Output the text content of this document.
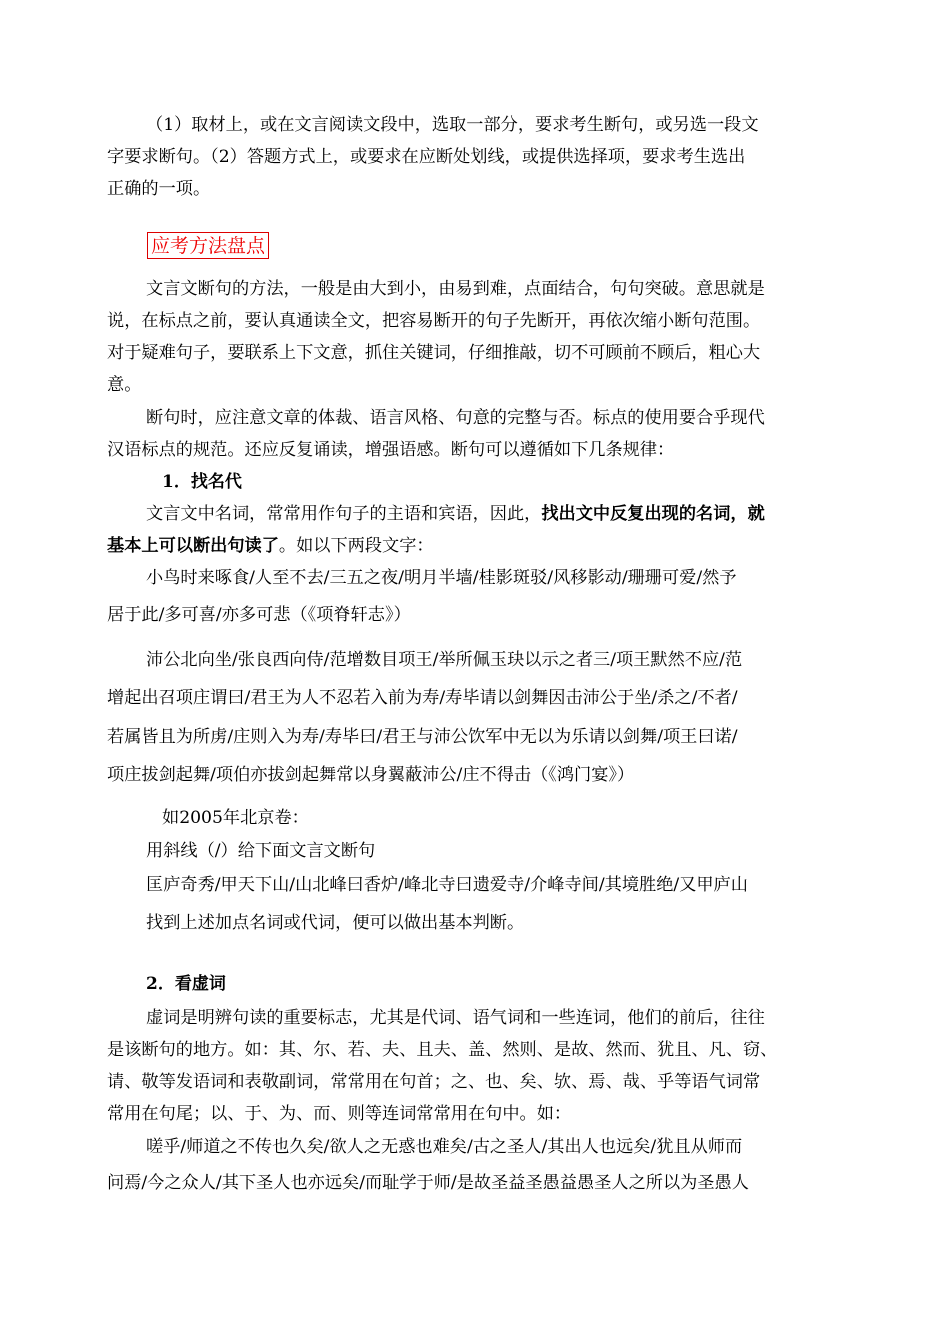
（1）取材上，或在文言阅读文段中，选取一部分，要求考生断句，或另选一段文
字要求断句。（2）答题方式上，或要求在应断处划线，或提供选择项，要求考生选出
正确的一项。
应考方法盘点
文言文断句的方法，一般是由大到小，由易到难，点面结合，句句突破。意思就是
说，在标点之前，要认真通读全文，把容易断开的句子先断开，再依次缩小断句范围。
对于疑难句子，要联系上下文意，抓住关键词，仔细推敲，切不可顾前不顾后，粗心大
意。
断句时，应注意文章的体裁、语言风格、句意的完整与否。标点的使用要合乎现代
汉语标点的规范。还应反复诵读，增强语感。断句可以遵循如下几条规律：
1．找名代
文言文中名词，常常用作句子的主语和宾语，因此，找出文中反复出现的名词，就
基本上可以断出句读了。如以下两段文字：
小鸟时来啄食/人至不去/三五之夜/明月半墙/桂影斑驳/风移影动/珊珊可爱/然予
居于此/多可喜/亦多可悲（《项脊轩志》）
沛公北向坐/张良西向侍/范增数目项王/举所佩玉玦以示之者三/项王默然不应/范
增起出召项庄谓曰/君王为人不忍若入前为寿/寿毕请以剑舞因击沛公于坐/杀之/不者/
若属皆且为所虏/庄则入为寿/寿毕曰/君王与沛公饮军中无以为乐请以剑舞/项王曰诺/
项庄拔剑起舞/项伯亦拔剑起舞常以身翼蔽沛公/庄不得击（《鸿门宴》）
如2005年北京卷：
用斜线（/）给下面文言文断句
匡庐奇秀/甲天下山/山北峰曰香炉/峰北寺曰遗爱寺/介峰寺间/其境胜绝/又甲庐山
找到上述加点名词或代词，便可以做出基本判断。
2．看虚词
虚词是明辨句读的重要标志，尤其是代词、语气词和一些连词，他们的前后，往往
是该断句的地方。如：其、尔、若、夫、且夫、盖、然则、是故、然而、犹且、凡、窃、
请、敬等发语词和表敬副词，常常用在句首；之、也、矣、欤、焉、哉、乎等语气词常
常用在句尾；以、于、为、而、则等连词常常用在句中。如：
嗟乎/师道之不传也久矣/欲人之无惑也难矣/古之圣人/其出人也远矣/犹且从师而
问焉/今之众人/其下圣人也亦远矣/而耻学于师/是故圣益圣愚益愚圣人之所以为圣愚人
